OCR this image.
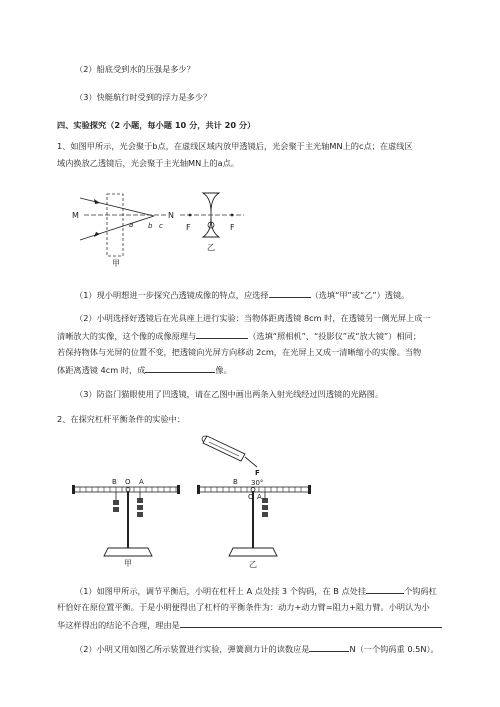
（2）船底受到水的压强是多少？
（3）快艇航行时受到的浮力是多少？
四、实验探究（2 小题，每小题 10 分，共计 20 分）
1、如图甲所示，光会聚于b点，在虚线区域内放甲透镜后，光会聚于主光轴MN上的c点；在虚线区
域内换放乙透镜后，光会聚于主光轴MN上的a点。
M	N
a b c
甲
F	F
乙
（1）现小明想进一步探究凸透镜成像的特点，应选择	（选填“甲”或“乙”）透镜。
（2）小明选择好透镜后在光具座上进行实验：当物体距离透镜 8cm 时，在透镜另一侧光屏上成一
清晰放大的实像，这个像的成像原理与	（选填“照相机”、“投影仪”或“放大镜”）相同；
若保持物体与光屏的位置不变，把透镜向光屏方向移动 2cm，在光屏上又成一清晰缩小的实像。当物
体距离透镜 4cm 时，成	像。
（3）防盗门猫眼使用了凹透镜，请在乙图中画出两条入射光线经过凹透镜的光路图。
2、在探究杠杆平衡条件的实验中：
B O A
甲
F
30°
B
O A
乙
（1）如图甲所示，调节平衡后，小明在杠杆上 A 点处挂 3 个钩码，在 B 点处挂	个钩码杠
杆恰好在原位置平衡。于是小明便得出了杠杆的平衡条件为：动力+动力臂=阻力+阻力臂。小明认为小
华这样得出的结论不合理，理由是
（2）小明又用如图乙所示装置进行实验，弹簧测力计的读数应是	N（一个钩码重 0.5N）。
